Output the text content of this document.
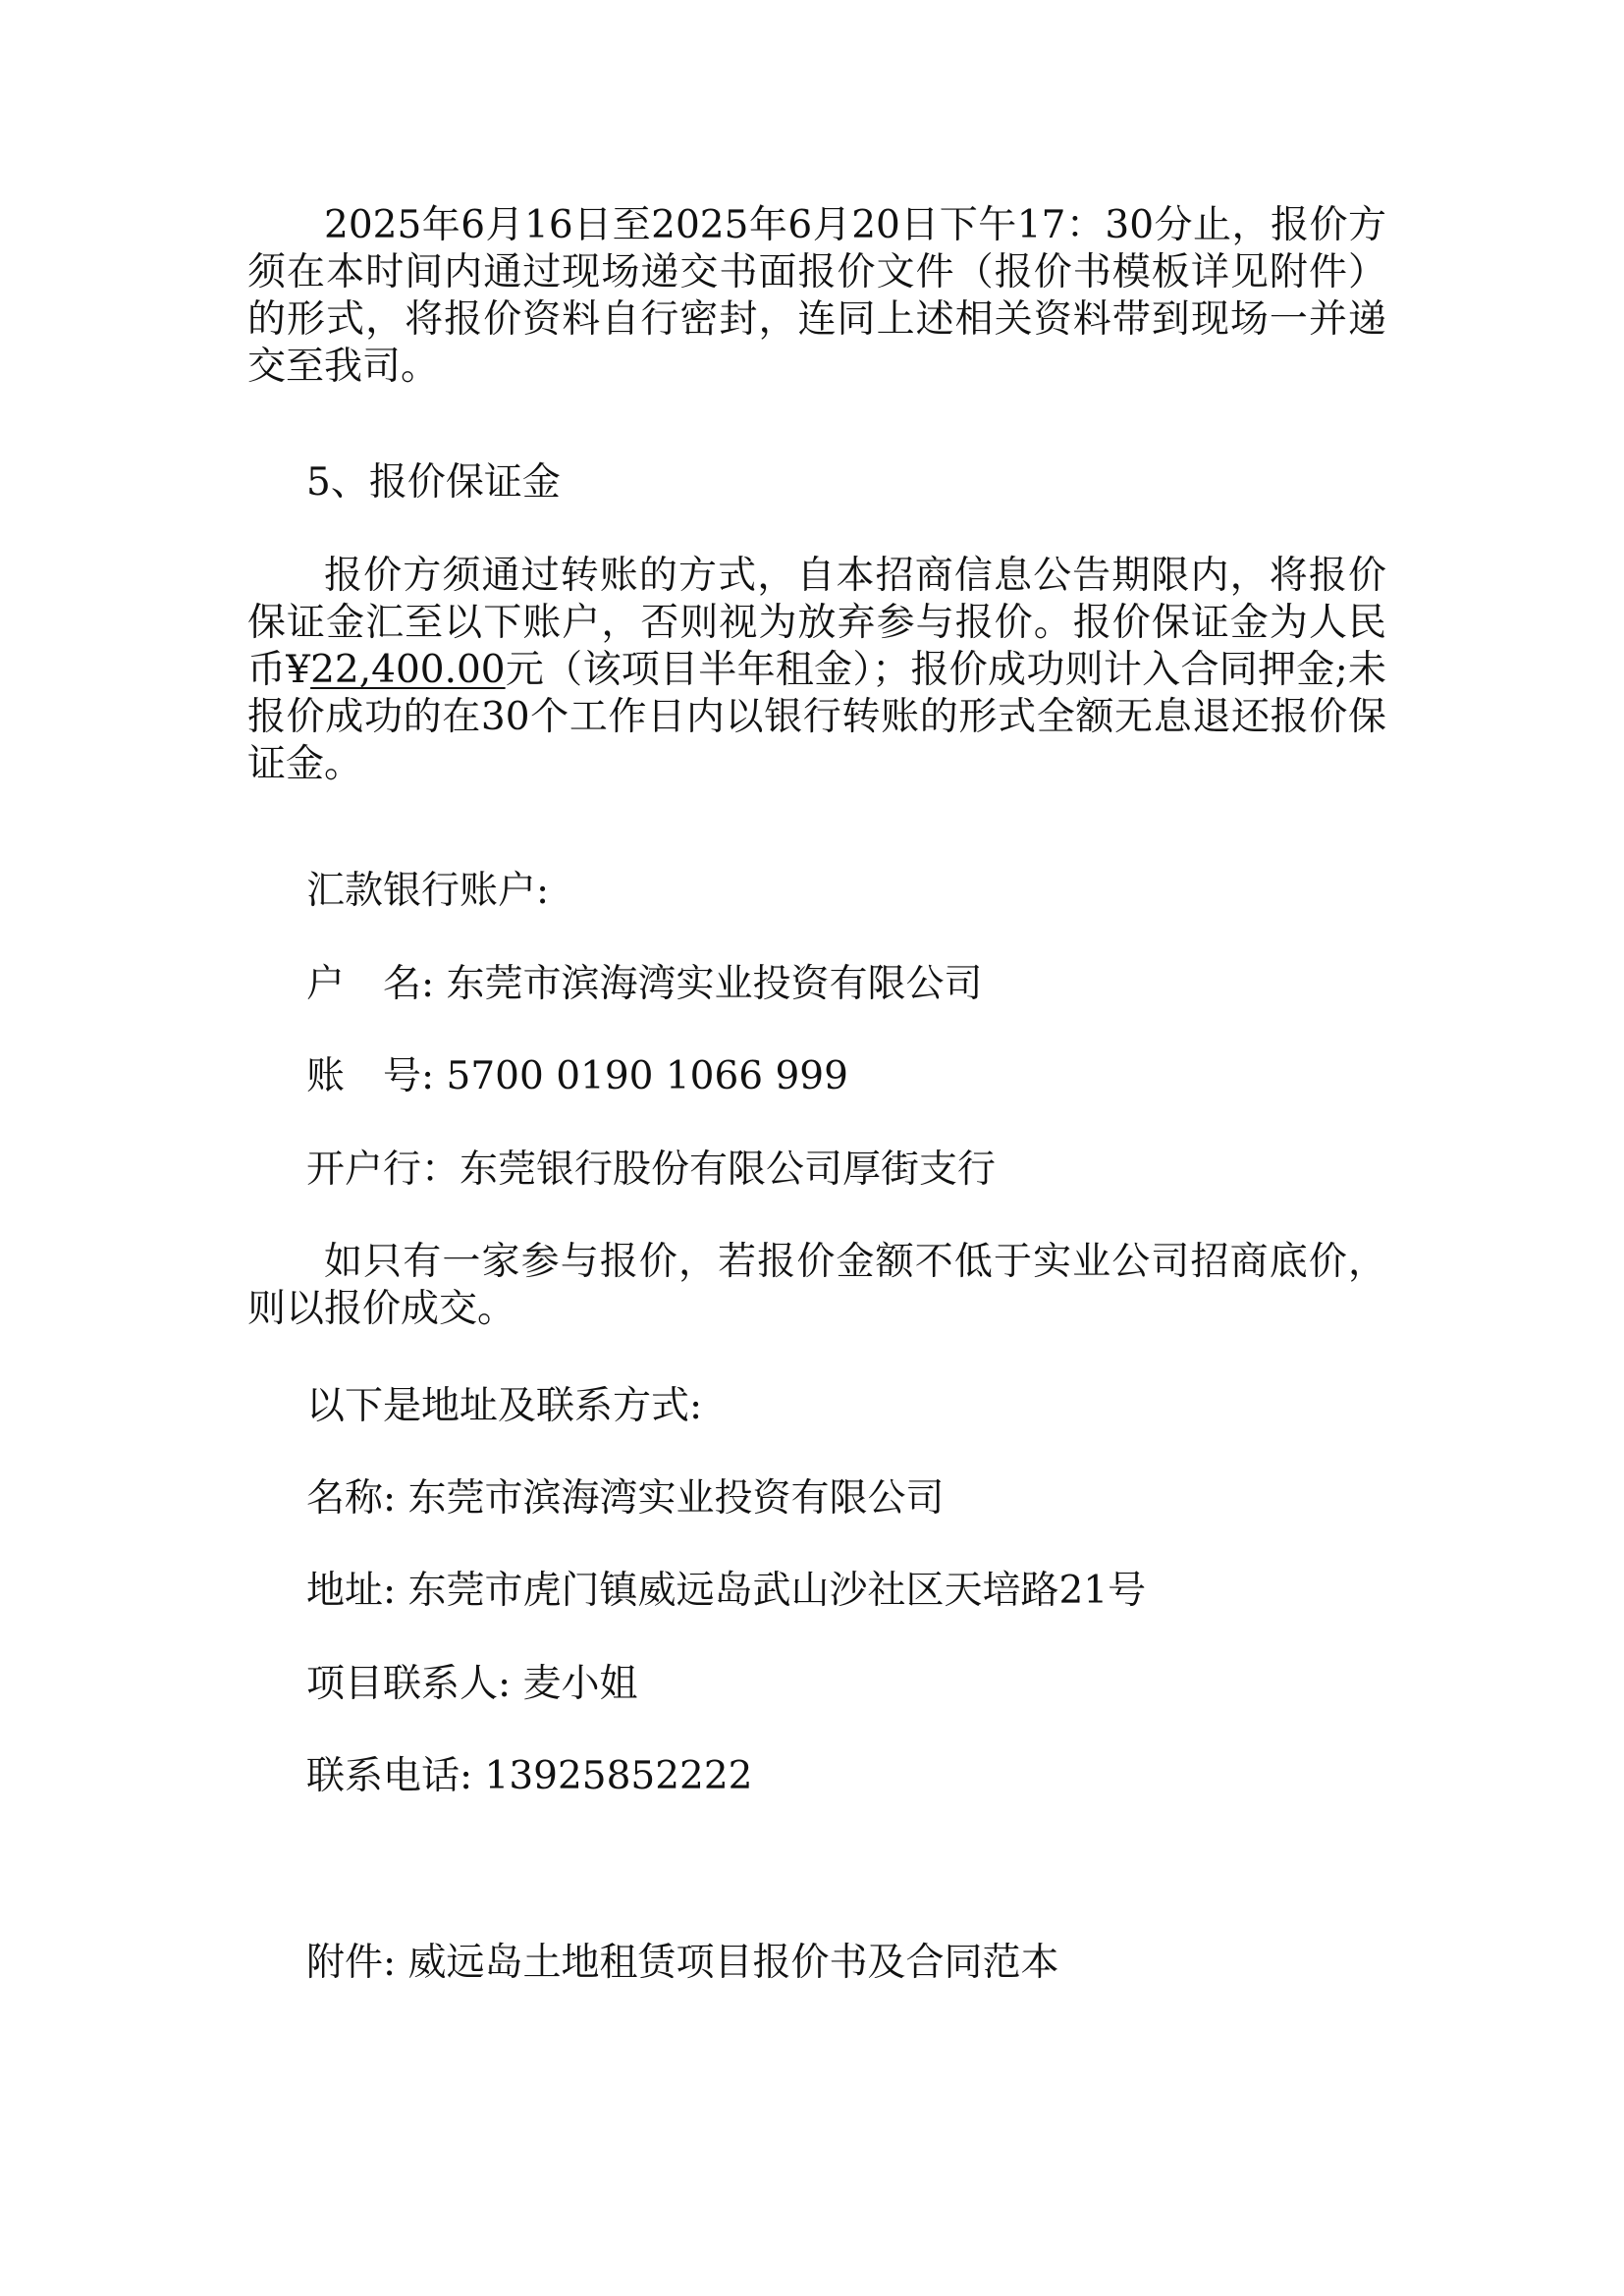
2025年6月16日至2025年6月20日下午17：30分止，报价方须在本时间内通过现场递交书面报价文件（报价书模板详见附件）的形式，将报价资料自行密封，连同上述相关资料带到现场一并递交至我司。

5、报价保证金

报价方须通过转账的方式，自本招商信息公告期限内，将报价保证金汇至以下账户，否则视为放弃参与报价。报价保证金为人民币¥22,400.00元（该项目半年租金）；报价成功则计入合同押金;未报价成功的在30个工作日内以银行转账的形式全额无息退还报价保证金。

汇款银行账户:

户　名: 东莞市滨海湾实业投资有限公司

账　号: 5700 0190 1066 999

开户行：东莞银行股份有限公司厚街支行

如只有一家参与报价，若报价金额不低于实业公司招商底价，则以报价成交。

以下是地址及联系方式:

名称: 东莞市滨海湾实业投资有限公司

地址: 东莞市虎门镇威远岛武山沙社区天培路21号

项目联系人: 麦小姐

联系电话: 13925852222

附件: 威远岛土地租赁项目报价书及合同范本
